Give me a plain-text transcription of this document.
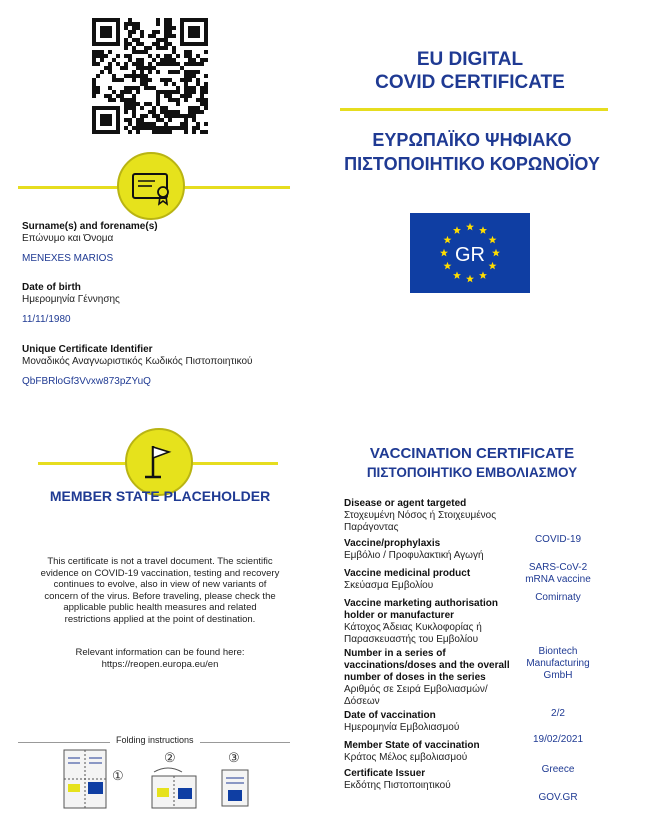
Surname(s) and forename(s)
Επώνυμο και Όνομα
MENEXES MARIOS
Date of birth
Ημερομηνία Γέννησης
11/11/1980
Unique Certificate Identifier
Μοναδικός Αναγνωριστικός Κωδικός Πιστοποιητικού
QbFBRloGf3Vvxw873pZYuQ
EU DIGITAL
COVID CERTIFICATE
ΕΥΡΩΠΑΪΚΟ ΨΗΦΙΑΚΟ
ΠΙΣΤΟΠΟΙΗΤΙΚΟ ΚΟΡΩΝΟΪΟΥ
GR
MEMBER STATE PLACEHOLDER
This certificate is not a travel document. The scientific evidence on COVID-19 vaccination, testing and recovery continues to evolve, also in view of new variants of concern of the virus. Before traveling, please check the applicable public health measures and related restrictions applied at the point of destination.
Relevant information can be found here:
https://reopen.europa.eu/en
Folding instructions
①
②	③
VACCINATION CERTIFICATE
ΠΙΣΤΟΠΟΙΗΤΙΚΟ ΕΜΒΟΛΙΑΣΜΟΥ
Disease or agent targeted
Στοχευμένη Νόσος ή Στοιχευμένος Παράγοντας
COVID-19
Vaccine/prophylaxis
Εμβόλιο / Προφυλακτική Αγωγή
SARS-CoV-2 mRNA vaccine
Vaccine medicinal product
Σκεύασμα Εμβολίου
Comirnaty
Vaccine marketing authorisation holder or manufacturer
Κάτοχος Άδειας Κυκλοφορίας ή Παρασκευαστής του Εμβολίου
Biontech Manufacturing GmbH
Number in a series of vaccinations/doses and the overall number of doses in the series
Αριθμός σε Σειρά Εμβολιασμών/Δόσεων
2/2
Date of vaccination
Ημερομηνία Εμβολιασμού
19/02/2021
Member State of vaccination
Κράτος Μέλος εμβολιασμού
Greece
Certificate Issuer
Εκδότης Πιστοποιητικού
GOV.GR
